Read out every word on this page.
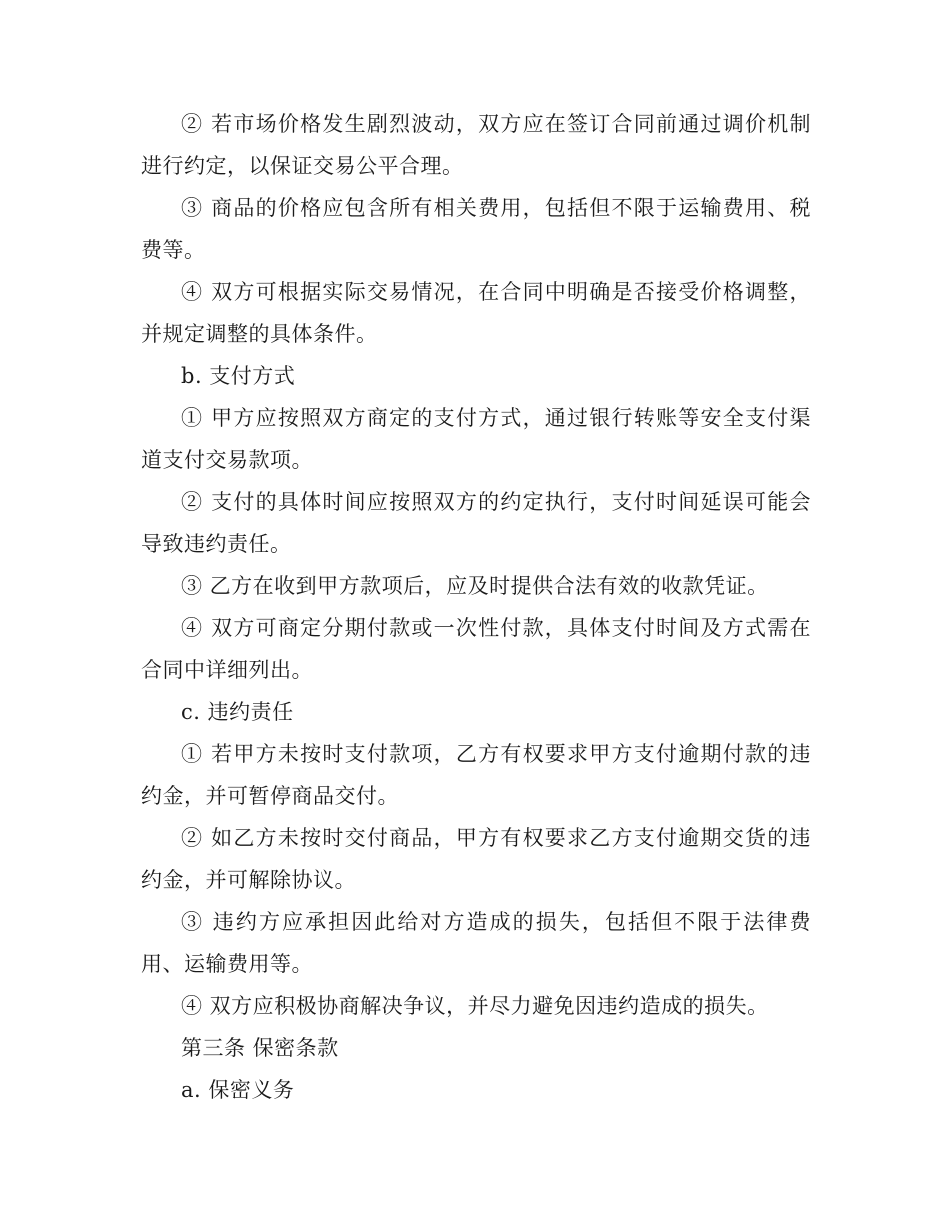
② 若市场价格发生剧烈波动，双方应在签订合同前通过调价机制进行约定，以保证交易公平合理。

③ 商品的价格应包含所有相关费用，包括但不限于运输费用、税费等。

④ 双方可根据实际交易情况，在合同中明确是否接受价格调整，并规定调整的具体条件。

b. 支付方式

① 甲方应按照双方商定的支付方式，通过银行转账等安全支付渠道支付交易款项。

② 支付的具体时间应按照双方的约定执行，支付时间延误可能会导致违约责任。

③ 乙方在收到甲方款项后，应及时提供合法有效的收款凭证。

④ 双方可商定分期付款或一次性付款，具体支付时间及方式需在合同中详细列出。

c. 违约责任

① 若甲方未按时支付款项，乙方有权要求甲方支付逾期付款的违约金，并可暂停商品交付。

② 如乙方未按时交付商品，甲方有权要求乙方支付逾期交货的违约金，并可解除协议。

③ 违约方应承担因此给对方造成的损失，包括但不限于法律费用、运输费用等。

④ 双方应积极协商解决争议，并尽力避免因违约造成的损失。

第三条 保密条款

a. 保密义务
